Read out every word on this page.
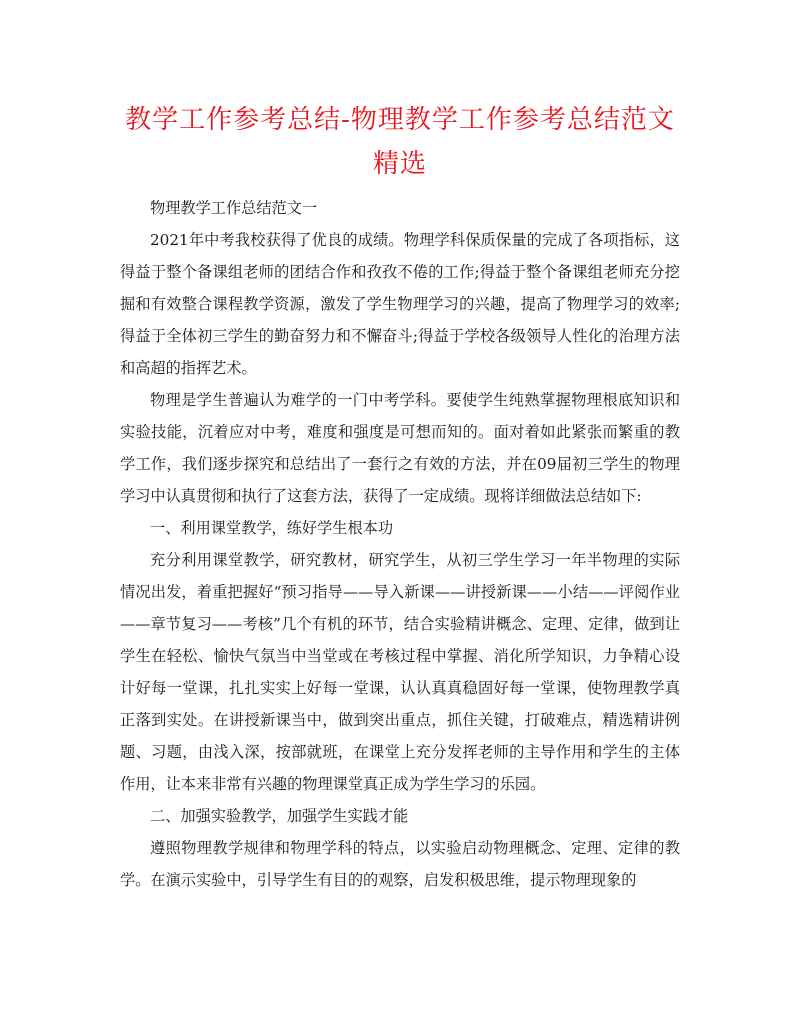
教学工作参考总结-物理教学工作参考总结范文精选

物理教学工作总结范文一

2021年中考我校获得了优良的成绩。物理学科保质保量的完成了各项指标，这得益于整个备课组老师的团结合作和孜孜不倦的工作;得益于整个备课组老师充分挖掘和有效整合课程教学资源，激发了学生物理学习的兴趣，提高了物理学习的效率;得益于全体初三学生的勤奋努力和不懈奋斗;得益于学校各级领导人性化的治理方法和高超的指挥艺术。

物理是学生普遍认为难学的一门中考学科。要使学生纯熟掌握物理根底知识和实验技能，沉着应对中考，难度和强度是可想而知的。面对着如此紧张而繁重的教学工作，我们逐步探究和总结出了一套行之有效的方法，并在09届初三学生的物理学习中认真贯彻和执行了这套方法，获得了一定成绩。现将详细做法总结如下:

一、利用课堂教学，练好学生根本功

充分利用课堂教学，研究教材，研究学生，从初三学生学习一年半物理的实际情况出发，着重把握好“预习指导——导入新课——讲授新课——小结——评阅作业——章节复习——考核”几个有机的环节，结合实验精讲概念、定理、定律，做到让学生在轻松、愉快气氛当中当堂或在考核过程中掌握、消化所学知识，力争精心设计好每一堂课，扎扎实实上好每一堂课，认认真真稳固好每一堂课，使物理教学真正落到实处。在讲授新课当中，做到突出重点，抓住关键，打破难点，精选精讲例题、习题，由浅入深，按部就班，在课堂上充分发挥老师的主导作用和学生的主体作用，让本来非常有兴趣的物理课堂真正成为学生学习的乐园。

二、加强实验教学，加强学生实践才能

遵照物理教学规律和物理学科的特点，以实验启动物理概念、定理、定律的教学。在演示实验中，引导学生有目的的观察，启发积极思维，提示物理现象的
